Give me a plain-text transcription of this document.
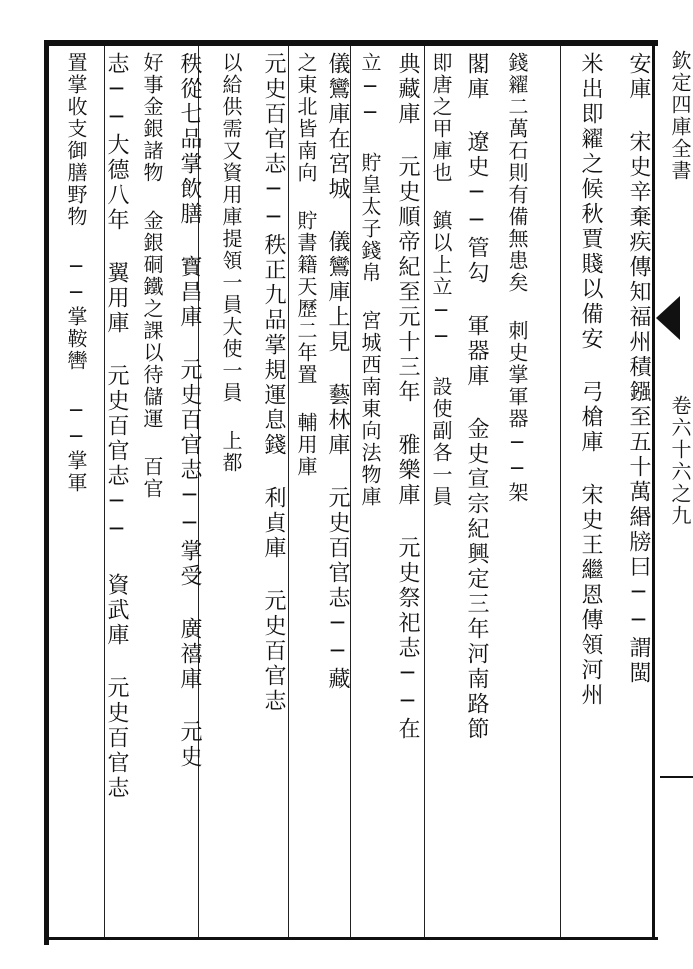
欽定四庫全書
卷六十六之九
安庫 宋史辛棄疾傳知福州積鏹至五十萬緡牓曰──謂閩
米出即糴之候秋賈賤以備安 弓槍庫 宋史王繼恩傳領河州
錢糴二萬石則有備無患矣 刺史掌軍器──架
閣庫 遼史──管勾 軍器庫 金史宣宗紀興定三年河南路節
即唐之甲庫也 鎮以上立── 設使副各一員
典藏庫 元史順帝紀至元十三年 雅樂庫 元史祭祀志──在
立── 貯皇太子錢帛 宮城西南東向法物庫
儀鸞庫在宮城 儀鸞庫上見 藝林庫 元史百官志──藏
之東北皆南向 貯書籍天歷二年置 輔用庫
元史百官志──秩正九品掌規運息錢 利貞庫 元史百官志
以給供需又資用庫提領一員大使一員 上都
秩從七品掌飲膳 寶昌庫 元史百官志──掌受 廣禧庫 元史
好事金銀諸物 金銀硐鐵之課以待儲運 百官
志──大德八年 翼用庫 元史百官志── 資武庫 元史百官志
置掌收支御膳野物 ──掌鞍轡 ──掌軍
